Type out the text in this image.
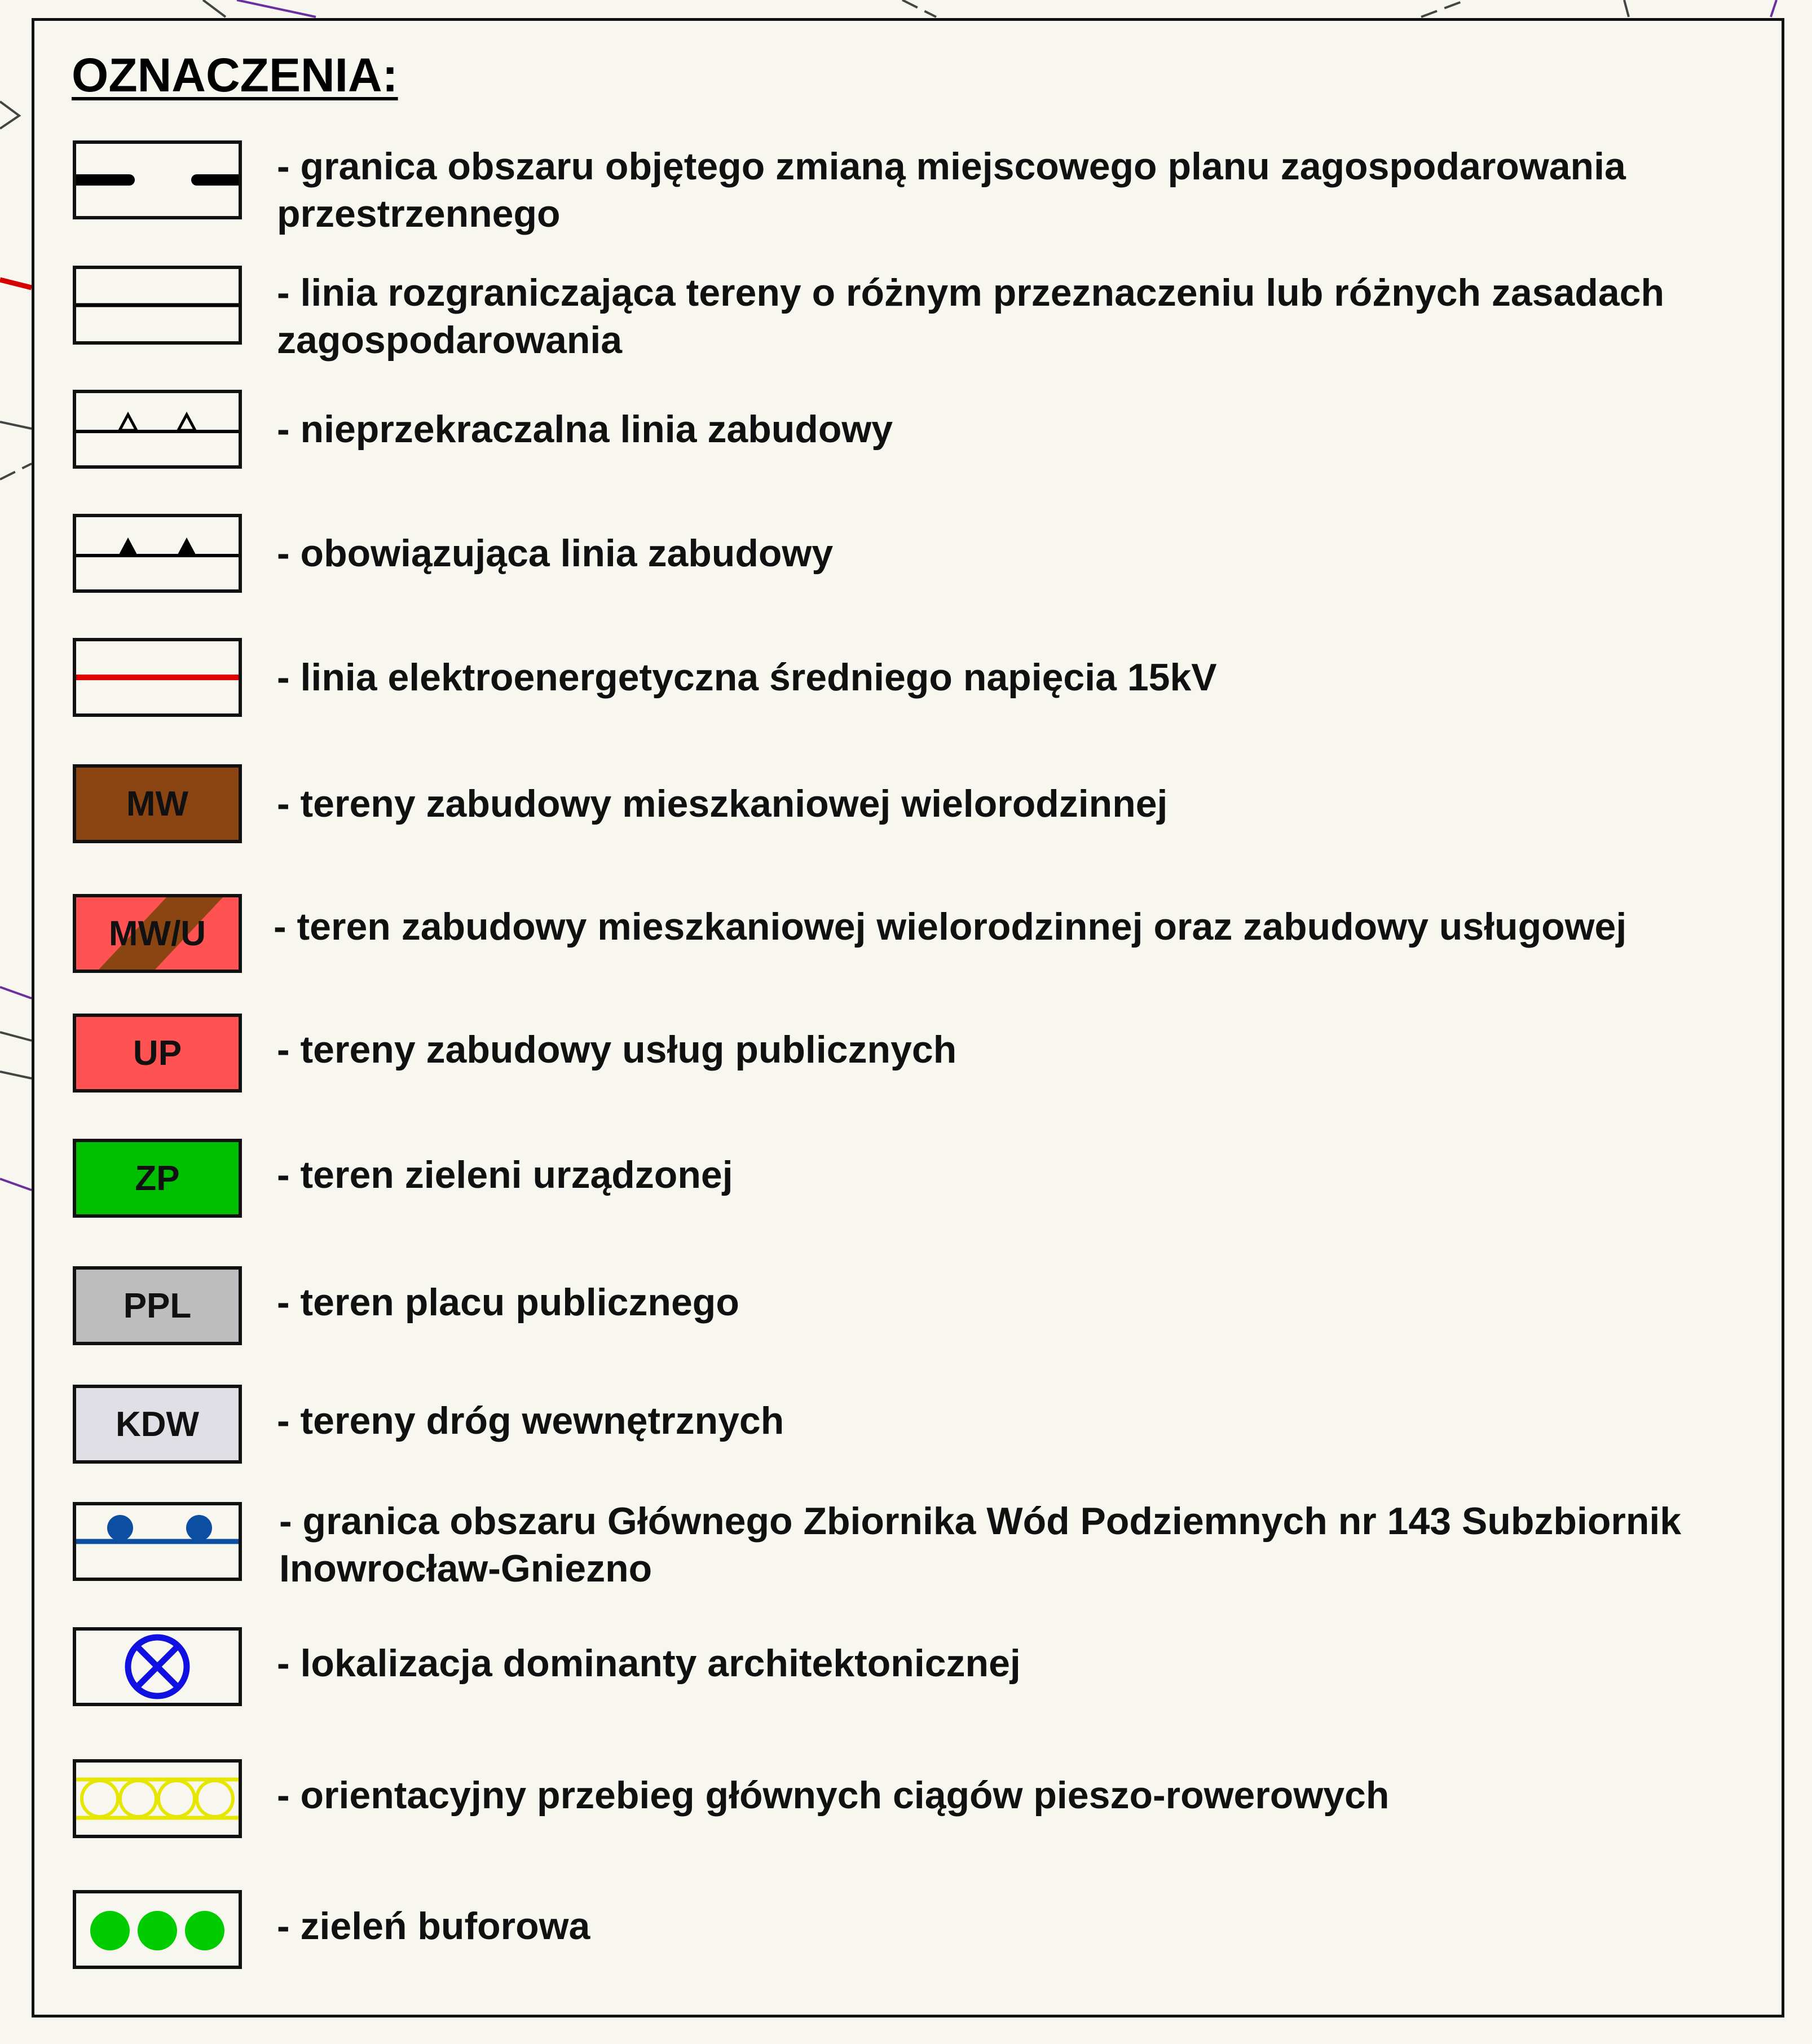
OZNACZENIA:
- granica obszaru objętego zmianą miejscowego planu zagospodarowania przestrzennego
- linia rozgraniczająca tereny o różnym przeznaczeniu lub różnych zasadach zagospodarowania
- nieprzekraczalna linia zabudowy
- obowiązująca linia zabudowy
- linia elektroenergetyczna średniego napięcia 15kV
MW	- tereny zabudowy mieszkaniowej wielorodzinnej
MW/U	- teren zabudowy mieszkaniowej wielorodzinnej oraz zabudowy usługowej
UP	- tereny zabudowy usług publicznych
ZP	- teren zieleni urządzonej
PPL	- teren placu publicznego
KDW	- tereny dróg wewnętrznych
- granica obszaru Głównego Zbiornika Wód Podziemnych nr 143 Subzbiornik Inowrocław-Gniezno
- lokalizacja dominanty architektonicznej
- orientacyjny przebieg głównych ciągów pieszo-rowerowych
- zieleń buforowa
